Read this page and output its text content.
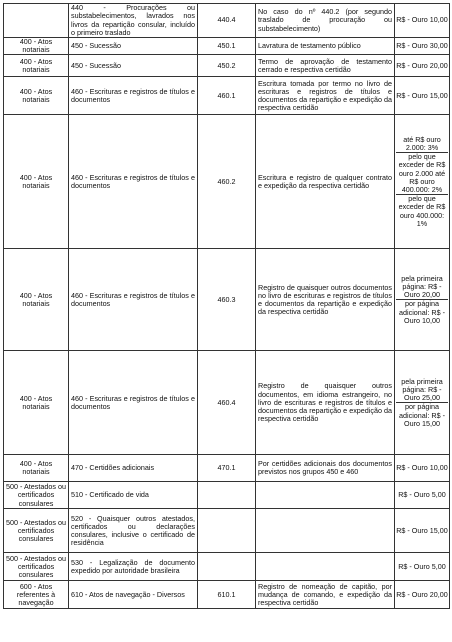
	440 - Procurações ou substabelecimentos, lavrados nos livros da repartição consular, incluído o primeiro traslado	440.4	No caso do nº 440.2 (por segundo traslado de procuração ou substabelecimento)	R$ - Ouro 10,00

400 - Atos notariais	450 - Sucessão	450.1	Lavratura de testamento público	R$ - Ouro 30,00

400 - Atos notariais	450 - Sucessão	450.2	Termo de aprovação de testamento cerrado e respectiva certidão	R$ - Ouro 20,00

400 - Atos notariais	460 - Escrituras e registros de títulos e documentos	460.1	Escritura tomada por termo no livro de escrituras e registros de títulos e documentos da repartição e expedição da respectiva certidão	R$ - Ouro 15,00

400 - Atos notariais	460 - Escrituras e registros de títulos e documentos	460.2	Escritura e registro de qualquer contrato e expedição da respectiva certidão	até R$ ouro 2.000: 3%
pelo que exceder de R$ ouro 2.000 até R$ ouro 400.000: 2%
pelo que exceder de R$ ouro 400.000: 1%

400 - Atos notariais	460 - Escrituras e registros de títulos e documentos	460.3	Registro de quaisquer outros documentos no livro de escrituras e registros de títulos e documentos da repartição e expedição da respectiva certidão	pela primeira página: R$ - Ouro 20,00
por página adicional: R$ - Ouro 10,00

400 - Atos notariais	460 - Escrituras e registros de títulos e documentos	460.4	Registro de quaisquer outros documentos, em idioma estrangeiro, no livro de escrituras e registros de títulos e documentos da repartição e expedição da respectiva certidão	pela primeira página: R$ - Ouro 25,00
por página adicional: R$ - Ouro 15,00

400 - Atos notariais	470 - Certidões adicionais	470.1	Por certidões adicionais dos documentos previstos nos grupos 450 e 460	R$ - Ouro 10,00

500 - Atestados ou certificados consulares	510 - Certificado de vida			R$ - Ouro 5,00

500 - Atestados ou certificados consulares	520 - Quaisquer outros atestados, certificados ou declarações consulares, inclusive o certificado de residência			R$ - Ouro 15,00

500 - Atestados ou certificados consulares	530 - Legalização de documento expedido por autoridade brasileira			R$ - Ouro 5,00

600 - Atos referentes à navegação	610 - Atos de navegação - Diversos	610.1	Registro de nomeação de capitão, por mudança de comando, e expedição da respectiva certidão	R$ - Ouro 20,00
